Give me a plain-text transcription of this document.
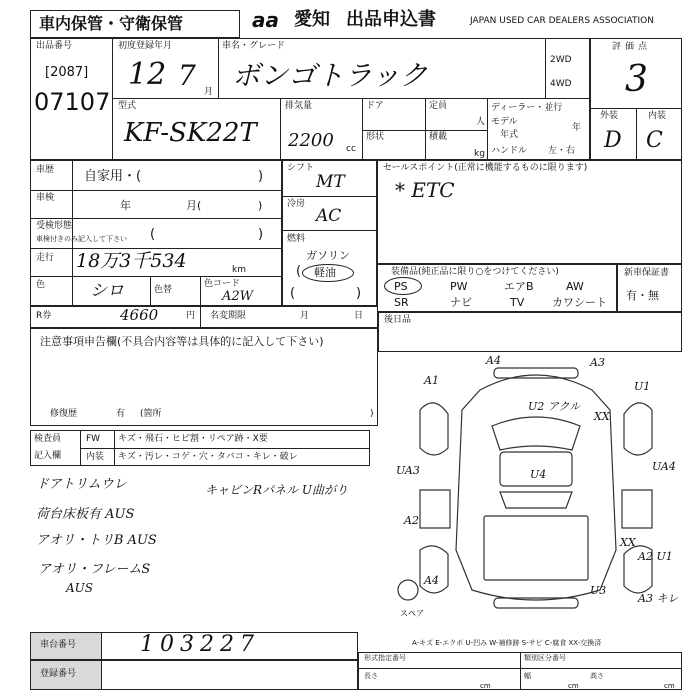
車内保管・守衛保管	aa 愛知 出品申込書	JAPAN USED CAR DEALERS ASSOCIATION
出品番号
[2087]
07107
初度登録年月
12 7 月
車名・グレード
ボンゴトラック	2WD
4WD
型式
KF-SK22T
排気量
2200 cc
ドア
形状
定員
人
積載
kg
ディーラー・並行
モデル
年
年式
ハンドル 左・右
評価点
3
外装	内装
D C
車歴 自家用・(	)
車検
年	月(	)
受検形態
車検付きのみ記入して下さい (	)
走行 18万3千534	km
色	シロ	色替
色コード
A2W
シフト
MT
冷房
AC
燃料
ガソリン
( 軽油
(	)
セールスポイント(正常に機能するものに限ります)
* ETC
装備品(純正品に限り○をつけてください)
PS	PW	エアB	AW
SR	ナビ	TV	カワシート
新車保証書
有・無
R券	4660	円 名変期限	月	日 後日品
注意事項申告欄(不具合内容等は具体的に記入して下さい)
修復歴	有 (箇所	)
検査員
記入欄
FW キズ・飛石・ヒビ割・リペア跡・X要
内装 キズ・汚レ・コゲ・穴・タバコ・キレ・破レ
ドアトリムウレ	キャビンRパネル U曲がり
荷台床板有 AUS
アオリ・トリB AUS
アオリ・フレームS
AUS
A4	A3
A1
U2 アクル
U1
XX
UA4
UA3	U4
A2
XX
A2 U1
A4
U3
A3 キレ
スペア
A-キズ E-エクボ U-凹み W-補修跡 S-サビ C-腐食 XX-交換済
車台番号	103227
登録番号
形式指定番号	類別区分番号
長さ
cm
幅
cm
高さ
cm
